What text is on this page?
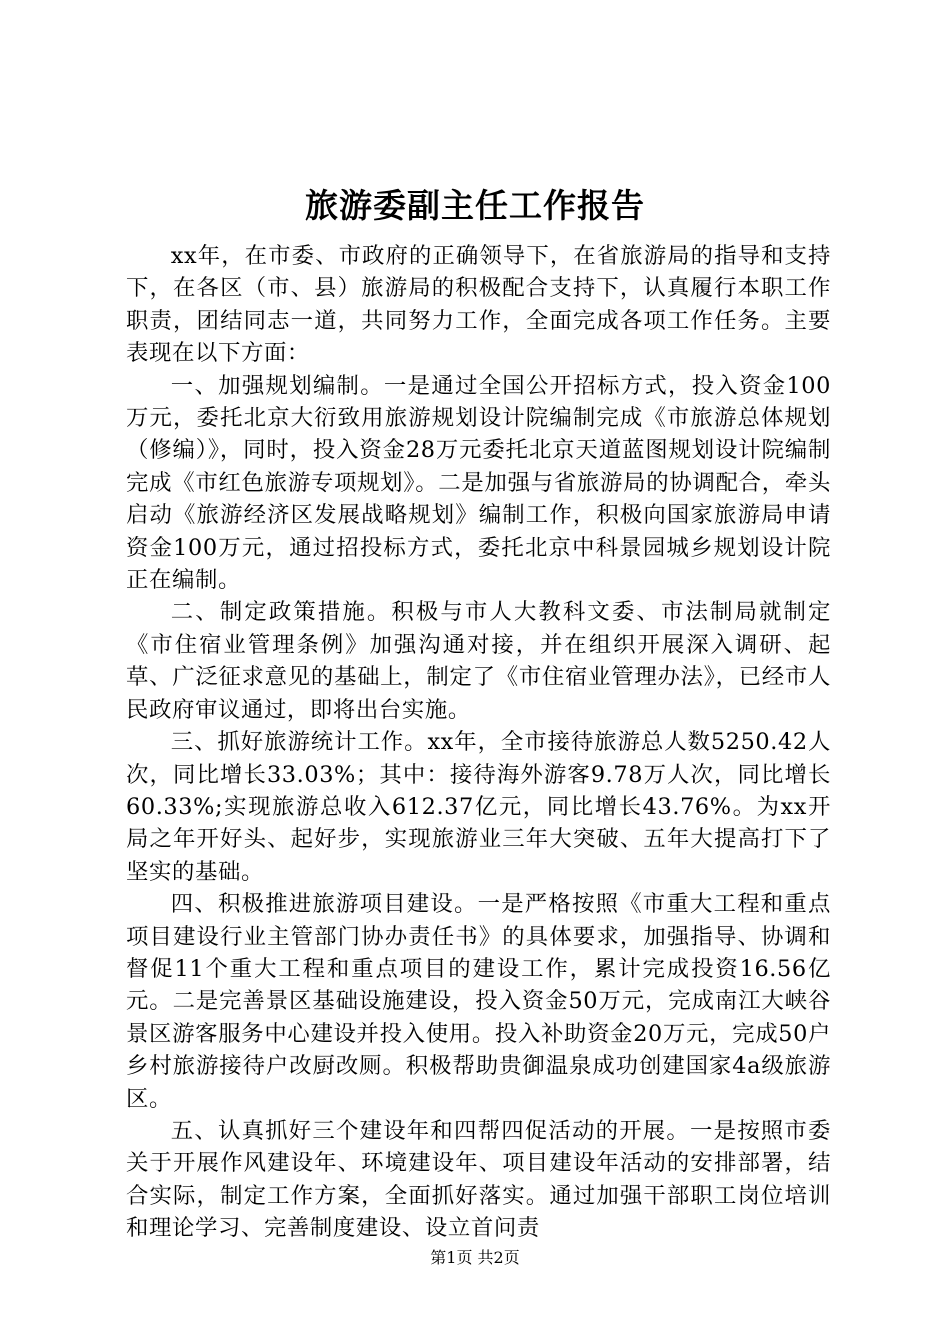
旅游委副主任工作报告

xx年，在市委、市政府的正确领导下，在省旅游局的指导和支持下，在各区（市、县）旅游局的积极配合支持下，认真履行本职工作职责，团结同志一道，共同努力工作，全面完成各项工作任务。主要表现在以下方面：

一、加强规划编制。一是通过全国公开招标方式，投入资金100万元，委托北京大衍致用旅游规划设计院编制完成《市旅游总体规划（修编）》，同时，投入资金28万元委托北京天道蓝图规划设计院编制完成《市红色旅游专项规划》。二是加强与省旅游局的协调配合，牵头启动《旅游经济区发展战略规划》编制工作，积极向国家旅游局申请资金100万元，通过招投标方式，委托北京中科景园城乡规划设计院正在编制。

二、制定政策措施。积极与市人大教科文委、市法制局就制定《市住宿业管理条例》加强沟通对接，并在组织开展深入调研、起草、广泛征求意见的基础上，制定了《市住宿业管理办法》，已经市人民政府审议通过，即将出台实施。

三、抓好旅游统计工作。xx年，全市接待旅游总人数5250.42人次，同比增长33.03%；其中：接待海外游客9.78万人次，同比增长60.33%;实现旅游总收入612.37亿元，同比增长43.76%。为xx开局之年开好头、起好步，实现旅游业三年大突破、五年大提高打下了坚实的基础。

四、积极推进旅游项目建设。一是严格按照《市重大工程和重点项目建设行业主管部门协办责任书》的具体要求，加强指导、协调和督促11个重大工程和重点项目的建设工作，累计完成投资16.56亿元。二是完善景区基础设施建设，投入资金50万元，完成南江大峡谷景区游客服务中心建设并投入使用。投入补助资金20万元，完成50户乡村旅游接待户改厨改厕。积极帮助贵御温泉成功创建国家4a级旅游区。

五、认真抓好三个建设年和四帮四促活动的开展。一是按照市委关于开展作风建设年、环境建设年、项目建设年活动的安排部署，结合实际，制定工作方案，全面抓好落实。通过加强干部职工岗位培训和理论学习、完善制度建设、设立首问责

第1页 共2页
